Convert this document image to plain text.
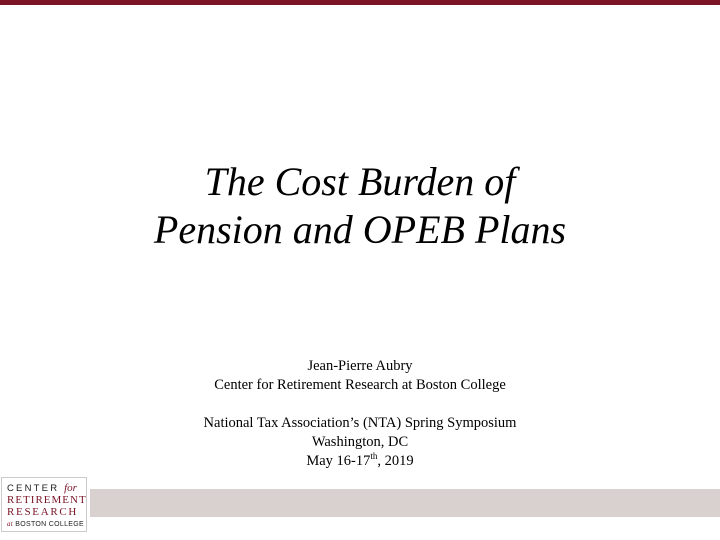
The Cost Burden of
Pension and OPEB Plans
Jean-Pierre Aubry
Center for Retirement Research at Boston College
National Tax Association’s (NTA) Spring Symposium
Washington, DC
May 16-17th, 2019
CENTER for
RETIREMENT
RESEARCH
at BOSTON COLLEGE
